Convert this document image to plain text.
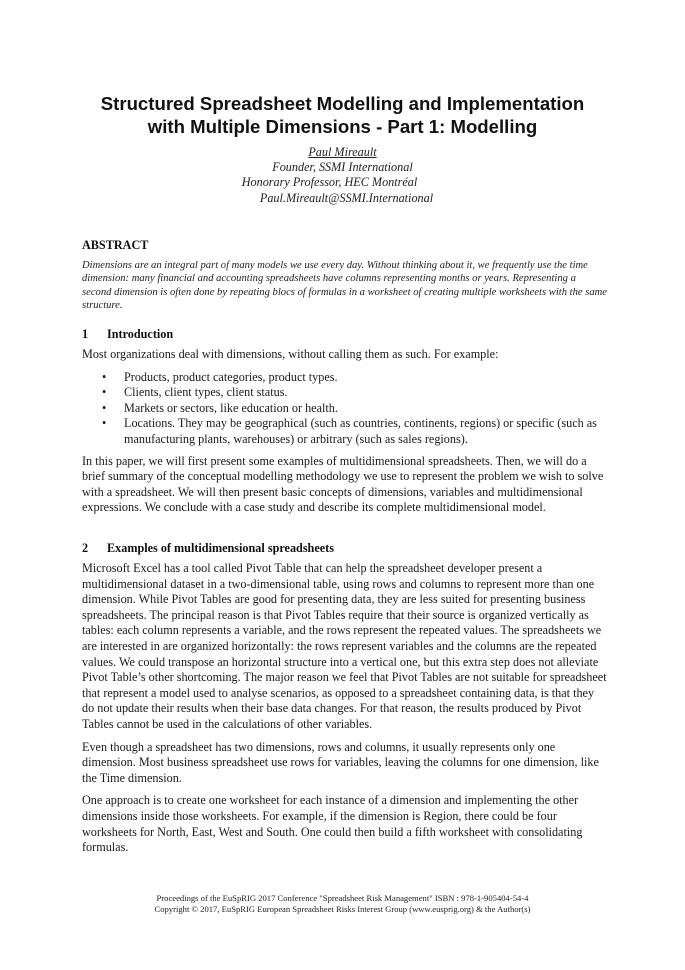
Structured Spreadsheet Modelling and Implementation
with Multiple Dimensions - Part 1: Modelling
Paul Mireault
Founder, SSMI International
Honorary Professor, HEC Montréal
Paul.Mireault@SSMI.International
ABSTRACT
Dimensions are an integral part of many models we use every day. Without thinking about it, we frequently use the time dimension: many financial and accounting spreadsheets have columns representing months or years. Representing a second dimension is often done by repeating blocs of formulas in a worksheet of creating multiple worksheets with the same structure.
1 Introduction

Most organizations deal with dimensions, without calling them as such. For example:

• Products, product categories, product types.
• Clients, client types, client status.
• Markets or sectors, like education or health.
• Locations. They may be geographical (such as countries, continents, regions) or specific (such as manufacturing plants, warehouses) or arbitrary (such as sales regions).

In this paper, we will first present some examples of multidimensional spreadsheets. Then, we will do a brief summary of the conceptual modelling methodology we use to represent the problem we wish to solve with a spreadsheet. We will then present basic concepts of dimensions, variables and multidimensional expressions. We conclude with a case study and describe its complete multidimensional model.

2 Examples of multidimensional spreadsheets

Microsoft Excel has a tool called Pivot Table that can help the spreadsheet developer present a multidimensional dataset in a two-dimensional table, using rows and columns to represent more than one dimension. While Pivot Tables are good for presenting data, they are less suited for presenting business spreadsheets. The principal reason is that Pivot Tables require that their source is organized vertically as tables: each column represents a variable, and the rows represent the repeated values. The spreadsheets we are interested in are organized horizontally: the rows represent variables and the columns are the repeated values. We could transpose an horizontal structure into a vertical one, but this extra step does not alleviate Pivot Table’s other shortcoming. The major reason we feel that Pivot Tables are not suitable for spreadsheet that represent a model used to analyse scenarios, as opposed to a spreadsheet containing data, is that they do not update their results when their base data changes. For that reason, the results produced by Pivot Tables cannot be used in the calculations of other variables.

Even though a spreadsheet has two dimensions, rows and columns, it usually represents only one dimension. Most business spreadsheet use rows for variables, leaving the columns for one dimension, like the Time dimension.

One approach is to create one worksheet for each instance of a dimension and implementing the other dimensions inside those worksheets. For example, if the dimension is Region, there could be four worksheets for North, East, West and South. One could then build a fifth worksheet with consolidating formulas.

Proceedings of the EuSpRIG 2017 Conference "Spreadsheet Risk Management" ISBN : 978-1-905404-54-4
Copyright © 2017, EuSpRIG European Spreadsheet Risks Interest Group (www.eusprig.org) & the Author(s)
